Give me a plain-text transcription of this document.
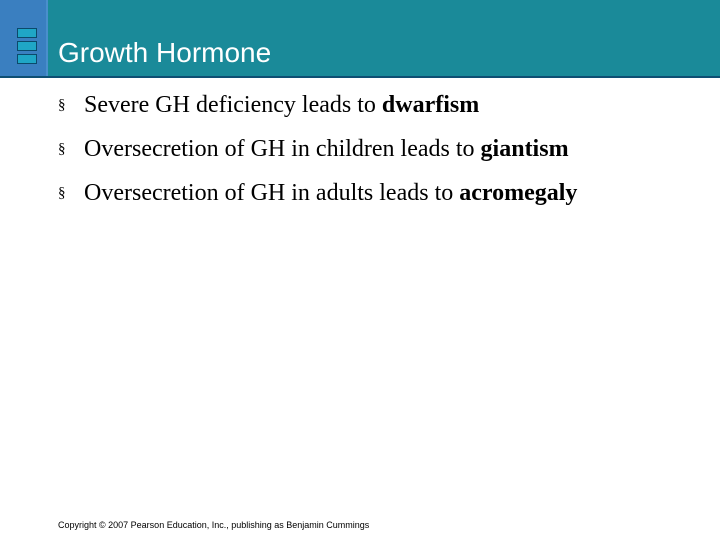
Growth Hormone
§ Severe GH deficiency leads to dwarfism
§ Oversecretion of GH in children leads to giantism
§ Oversecretion of GH in adults leads to acromegaly
Copyright © 2007 Pearson Education, Inc., publishing as Benjamin Cummings
